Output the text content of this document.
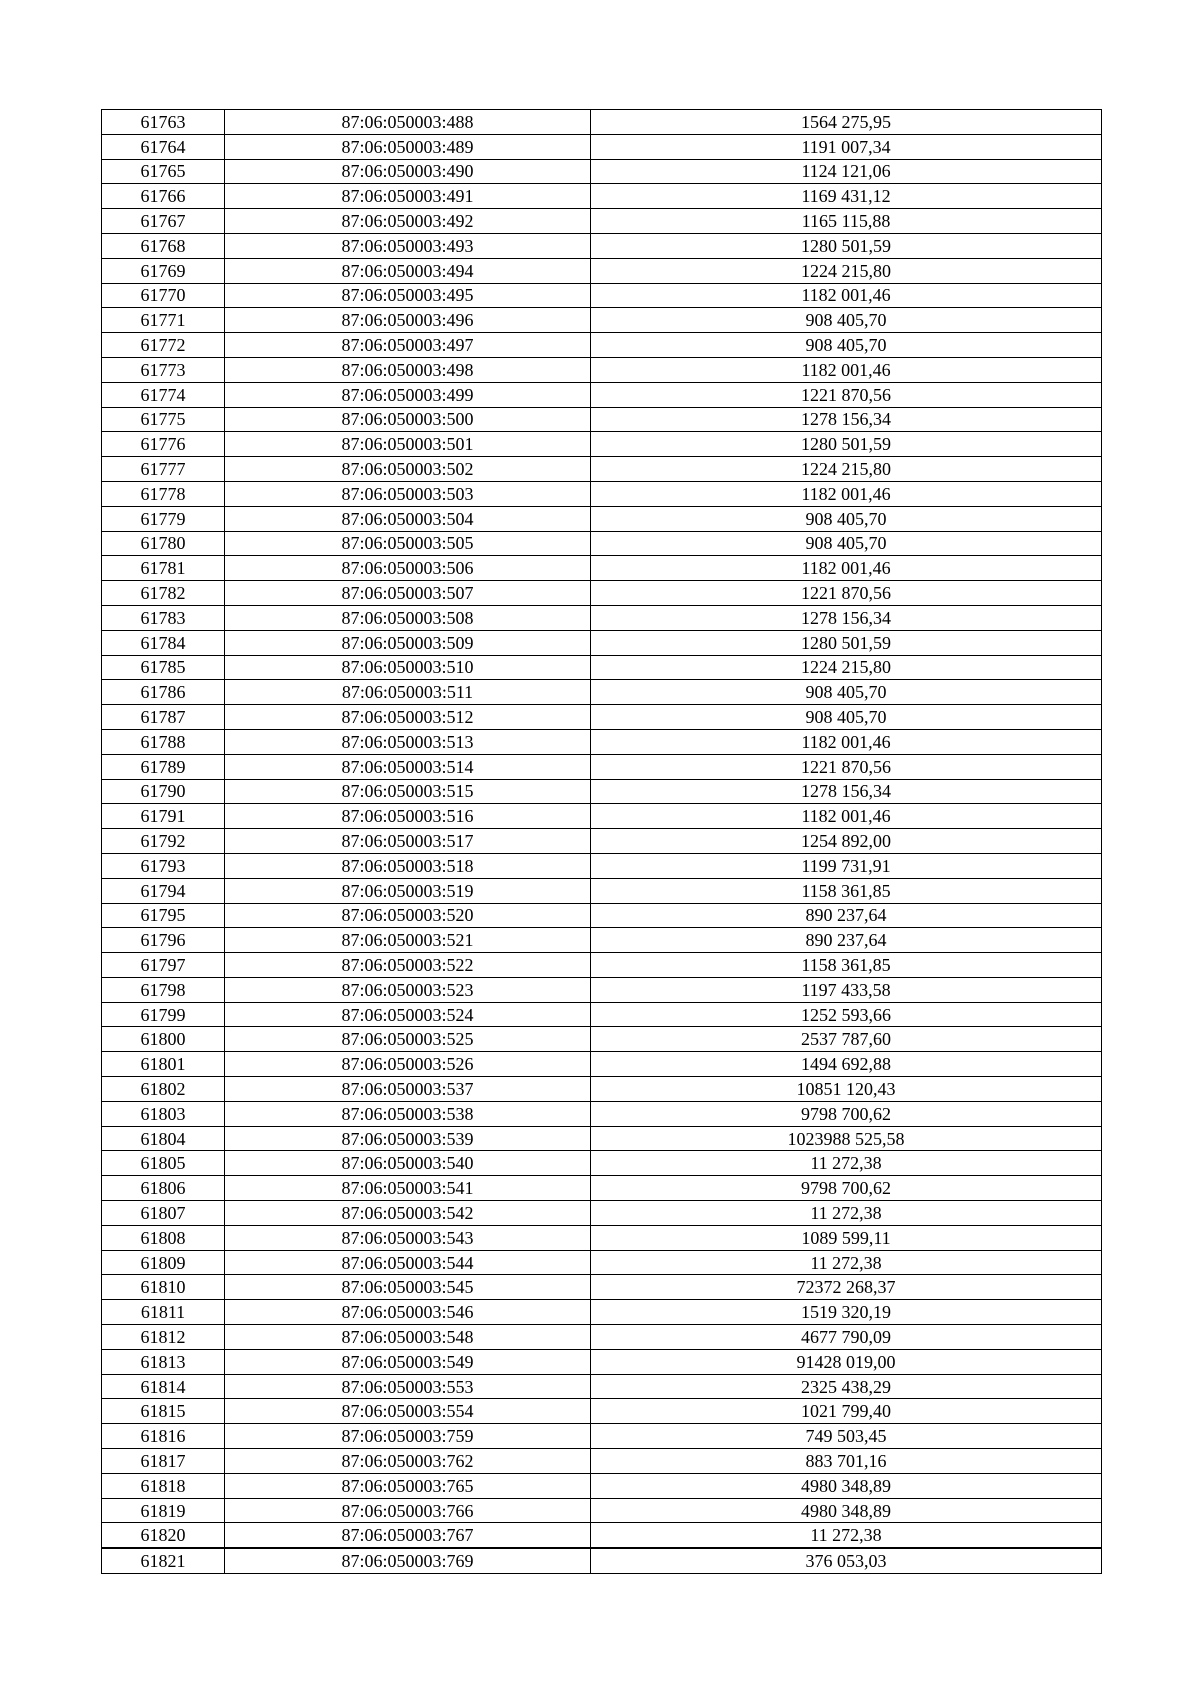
61763	87:06:050003:488	1564 275,95
61764	87:06:050003:489	1191 007,34
61765	87:06:050003:490	1124 121,06
61766	87:06:050003:491	1169 431,12
61767	87:06:050003:492	1165 115,88
61768	87:06:050003:493	1280 501,59
61769	87:06:050003:494	1224 215,80
61770	87:06:050003:495	1182 001,46
61771	87:06:050003:496	908 405,70
61772	87:06:050003:497	908 405,70
61773	87:06:050003:498	1182 001,46
61774	87:06:050003:499	1221 870,56
61775	87:06:050003:500	1278 156,34
61776	87:06:050003:501	1280 501,59
61777	87:06:050003:502	1224 215,80
61778	87:06:050003:503	1182 001,46
61779	87:06:050003:504	908 405,70
61780	87:06:050003:505	908 405,70
61781	87:06:050003:506	1182 001,46
61782	87:06:050003:507	1221 870,56
61783	87:06:050003:508	1278 156,34
61784	87:06:050003:509	1280 501,59
61785	87:06:050003:510	1224 215,80
61786	87:06:050003:511	908 405,70
61787	87:06:050003:512	908 405,70
61788	87:06:050003:513	1182 001,46
61789	87:06:050003:514	1221 870,56
61790	87:06:050003:515	1278 156,34
61791	87:06:050003:516	1182 001,46
61792	87:06:050003:517	1254 892,00
61793	87:06:050003:518	1199 731,91
61794	87:06:050003:519	1158 361,85
61795	87:06:050003:520	890 237,64
61796	87:06:050003:521	890 237,64
61797	87:06:050003:522	1158 361,85
61798	87:06:050003:523	1197 433,58
61799	87:06:050003:524	1252 593,66
61800	87:06:050003:525	2537 787,60
61801	87:06:050003:526	1494 692,88
61802	87:06:050003:537	10851 120,43
61803	87:06:050003:538	9798 700,62
61804	87:06:050003:539	1023988 525,58
61805	87:06:050003:540	11 272,38
61806	87:06:050003:541	9798 700,62
61807	87:06:050003:542	11 272,38
61808	87:06:050003:543	1089 599,11
61809	87:06:050003:544	11 272,38
61810	87:06:050003:545	72372 268,37
61811	87:06:050003:546	1519 320,19
61812	87:06:050003:548	4677 790,09
61813	87:06:050003:549	91428 019,00
61814	87:06:050003:553	2325 438,29
61815	87:06:050003:554	1021 799,40
61816	87:06:050003:759	749 503,45
61817	87:06:050003:762	883 701,16
61818	87:06:050003:765	4980 348,89
61819	87:06:050003:766	4980 348,89
61820	87:06:050003:767	11 272,38
61821	87:06:050003:769	376 053,03
